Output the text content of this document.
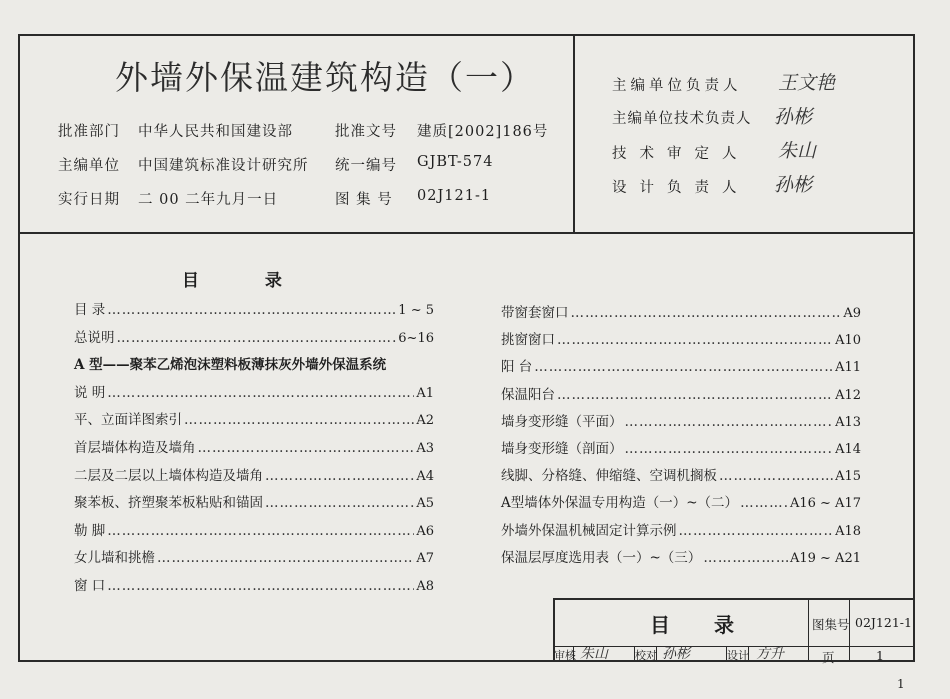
外墙外保温建筑构造（一）
批准部门 中华人民共和国建设部	批准文号 建质[2002]186号
主编单位 中国建筑标准设计研究所 统一编号 GJBT-574
实行日期 二 00 二年九月一日	图 集 号 02J121-1
主编单位负责人 王文艳
主编单位技术负责人 孙彬
技术审定人 朱山
设计负责人 孙彬
目 录
目 录 ……………………………………………………………………………………………………………………………………………	1 ~ 5
总说明 ……………………………………………………………………………………………………………………………………………	6~16
A 型——聚苯乙烯泡沫塑料板薄抹灰外墙外保温系统
说 明 ……………………………………………………………………………………………………………………………………………	A1
平、立面详图索引 ……………………………………………………………………………………………………………………………………………	A2
首层墙体构造及墙角 ……………………………………………………………………………………………………………………………………………	A3
二层及二层以上墙体构造及墙角 ……………………………………………………………………………………………………………………………………………	A4
聚苯板、挤塑聚苯板粘贴和锚固 ……………………………………………………………………………………………………………………………………………	A5
勒 脚 ……………………………………………………………………………………………………………………………………………	A6
女儿墙和挑檐 ……………………………………………………………………………………………………………………………………………	A7
窗 口 ……………………………………………………………………………………………………………………………………………	A8
带窗套窗口 ……………………………………………………………………………………………………………………………………………	A9
挑窗窗口 ……………………………………………………………………………………………………………………………………………	A10
阳 台 ……………………………………………………………………………………………………………………………………………	A11
保温阳台 ……………………………………………………………………………………………………………………………………………	A12
墙身变形缝（平面） ……………………………………………………………………………………………………………………………………………	A13
墙身变形缝（剖面） ……………………………………………………………………………………………………………………………………………	A14
线脚、分格缝、伸缩缝、空调机搁板 ……………………………………………………………………………………………………………………………………………	A15
A型墙体外保温专用构造（一）~（二） ……………………………………………………………………………………………………………………………………………	A16 ~ A17
外墙外保温机械固定计算示例 ……………………………………………………………………………………………………………………………………………	A18
保温层厚度选用表（一）~（三） ……………………………………………………………………………………………………………………………………………	A19 ~ A21
目录	图集号 02J121-1
审核 朱山 校对 孙彬	设计 方升	页	1
1
